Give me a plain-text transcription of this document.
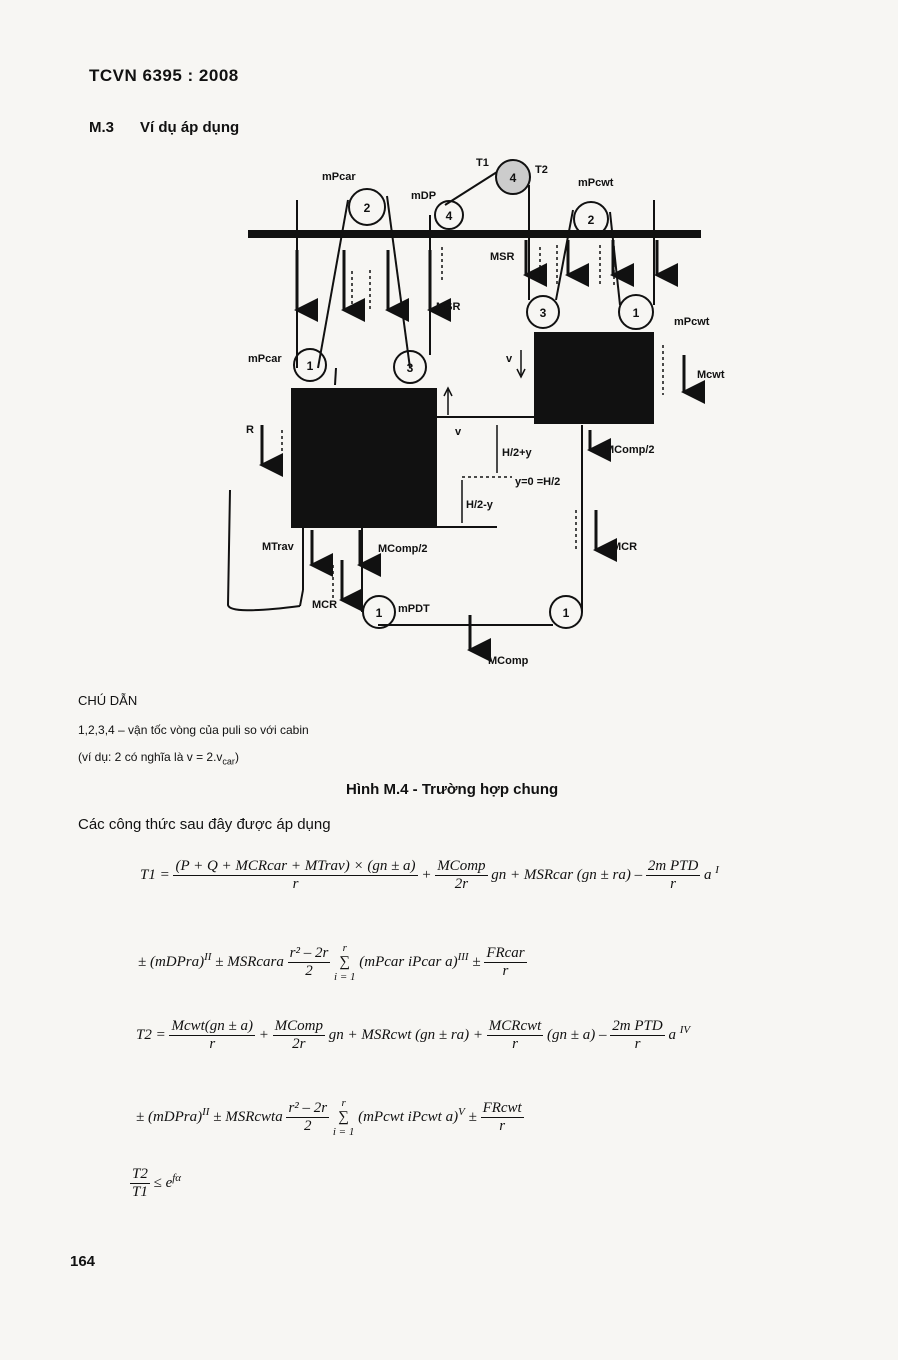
TCVN 6395 : 2008
M.3 Ví dụ áp dụng
mPcar
mDP
T1
T2
mPcwt
MSR
MSR
mPcar
mPcwt
v
v
Mcwt
R
H/2+y
y=0 =H/2
H/2-y
MComp/2
MTrav	MComp/2	MCR
MCR	mPDT
MComp
2
4
4
2
1	3
3	1
1	1
CHÚ DẪN
1,2,3,4 – vận tốc vòng của puli so với cabin
(ví dụ: 2 có nghĩa là $v = 2.v_{car}$)
Hình M.4 - Trường hợp chung
Các công thức sau đây được áp dụng
$T1 = \frac{\text{(P + Q + MCRcar + MTrav) × (gn ± a)}}{r} + \frac{\text{MComp}}{2r}$ gn + MSRcar $(gn \pm ra) - \frac{\text{2m PTD}}{r}$ a $^I$
± (mDPra)$^{II}$ ± MSRcara $\frac{\text{r² – 2r}}{2}$
	r
∑
i = 1
(mPcar iPcar $a)^{III} \pm \frac{\text{FRcar}}{r}$
$T2 = \frac{\text{Mcwt(gn ± a)}}{r} + \frac{\text{MComp}}{2r}$ gn + MSRcwt $(gn \pm ra) + \frac{\text{MCRcwt}}{r} (gn \pm a) - \frac{\text{2m PTD}}{r}$ a $^{IV}$
± (mDPra)$^{II}$ ± MSRcwta $\frac{\text{r² – 2r}}{2}$
	r
∑
i = 1
(mPcwt iPcwt $a)^V \pm \frac{\text{FRcwt}}{r}$
$\frac{T2}{T1} \le e^{f\alpha}$
164
